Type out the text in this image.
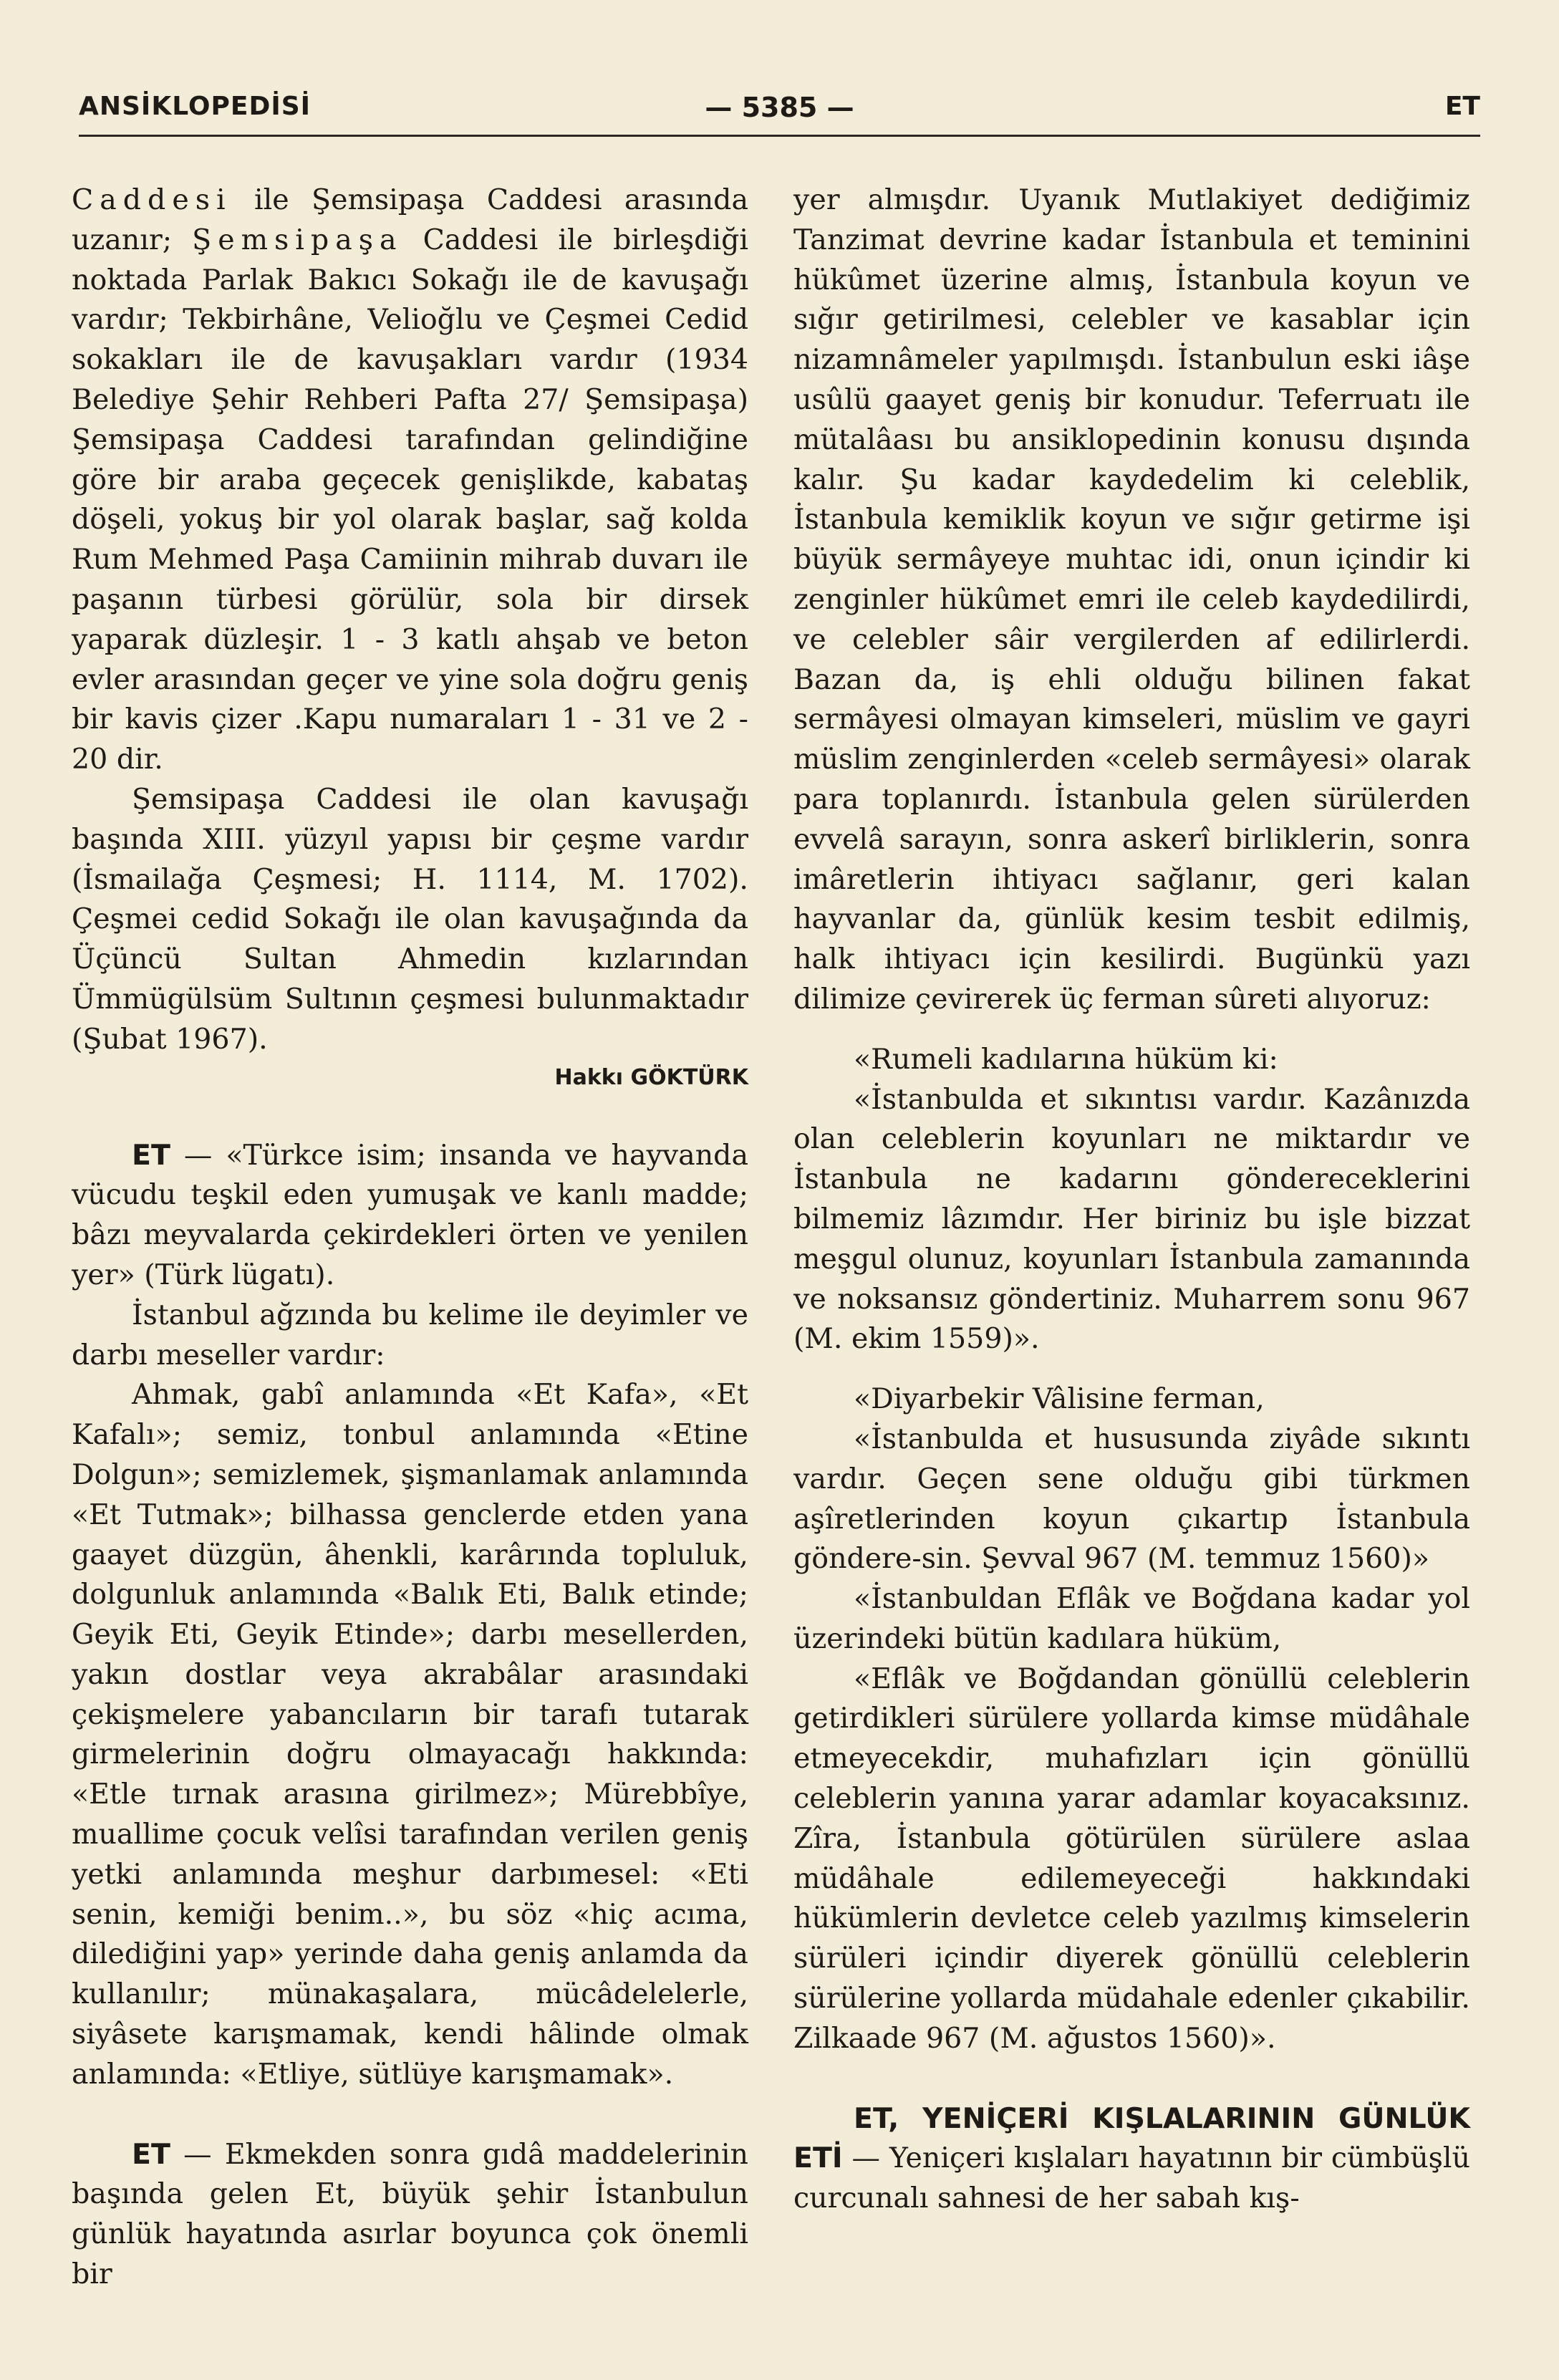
ANSİKLOPEDİSİ	— 5385 —	ET

Caddesi ile Şemsipaşa Caddesi arasında uzanır; Şemsipaşa Caddesi ile birleşdiği noktada Parlak Bakıcı Sokağı ile de kavuşağı vardır; Tekbirhâne, Velioğlu ve Çeşmei Cedid sokakları ile de kavuşakları vardır (1934 Belediye Şehir Rehberi Pafta 27/ Şemsipaşa) Şemsipaşa Caddesi tarafından gelindiğine göre bir araba geçecek genişlikde, kabataş döşeli, yokuş bir yol olarak başlar, sağ kolda Rum Mehmed Paşa Camiinin mihrab duvarı ile paşanın türbesi görülür, sola bir dirsek yaparak düzleşir. 1 - 3 katlı ahşab ve beton evler arasından geçer ve yine sola doğru geniş bir kavis çizer .Kapu numaraları 1 - 31 ve 2 - 20 dir.

Şemsipaşa Caddesi ile olan kavuşağı başında XIII. yüzyıl yapısı bir çeşme vardır (İsmailağa Çeşmesi; H. 1114, M. 1702). Çeşmei cedid Sokağı ile olan kavuşağında da Üçüncü Sultan Ahmedin kızlarından Ümmügülsüm Sultının çeşmesi bulunmaktadır (Şubat 1967).

Hakkı GÖKTÜRK

ET — «Türkce isim; insanda ve hayvanda vücudu teşkil eden yumuşak ve kanlı madde; bâzı meyvalarda çekirdekleri örten ve yenilen yer» (Türk lügatı).

İstanbul ağzında bu kelime ile deyimler ve darbı meseller vardır:

Ahmak, gabî anlamında «Et Kafa», «Et Kafalı»; semiz, tonbul anlamında «Etine Dolgun»; semizlemek, şişmanlamak anlamında «Et Tutmak»; bilhassa genclerde etden yana gaayet düzgün, âhenkli, karârında topluluk, dolgunluk anlamında «Balık Eti, Balık etinde; Geyik Eti, Geyik Etinde»; darbı mesellerden, yakın dostlar veya akrabâlar arasındaki çekişmelere yabancıların bir tarafı tutarak girmelerinin doğru olmayacağı hakkında: «Etle tırnak arasına girilmez»; Mürebbîye, muallime çocuk velîsi tarafından verilen geniş yetki anlamında meşhur darbımesel: «Eti senin, kemiği benim..», bu söz «hiç acıma, dilediğini yap» yerinde daha geniş anlamda da kullanılır; münakaşalara, mücâdelelerle, siyâsete karışmamak, kendi hâlinde olmak anlamında: «Etliye, sütlüye karışmamak».

ET — Ekmekden sonra gıdâ maddelerinin başında gelen Et, büyük şehir İstanbulun günlük hayatında asırlar boyunca çok önemli bir

yer almışdır. Uyanık Mutlakiyet dediğimiz Tanzimat devrine kadar İstanbula et teminini hükûmet üzerine almış, İstanbula koyun ve sığır getirilmesi, celebler ve kasablar için nizamnâmeler yapılmışdı. İstanbulun eski iâşe usûlü gaayet geniş bir konudur. Teferruatı ile mütalâası bu ansiklopedinin konusu dışında kalır. Şu kadar kaydedelim ki celeblik, İstanbula kemiklik koyun ve sığır getirme işi büyük sermâyeye muhtac idi, onun içindir ki zenginler hükûmet emri ile celeb kaydedilirdi, ve celebler sâir vergilerden af edilirlerdi. Bazan da, iş ehli olduğu bilinen fakat sermâyesi olmayan kimseleri, müslim ve gayri müslim zenginlerden «celeb sermâyesi» olarak para toplanırdı. İstanbula gelen sürülerden evvelâ sarayın, sonra askerî birliklerin, sonra imâretlerin ihtiyacı sağlanır, geri kalan hayvanlar da, günlük kesim tesbit edilmiş, halk ihtiyacı için kesilirdi. Bugünkü yazı dilimize çevirerek üç ferman sûreti alıyoruz:

«Rumeli kadılarına hüküm ki:

«İstanbulda et sıkıntısı vardır. Kazânızda olan celeblerin koyunları ne miktardır ve İstanbula ne kadarını göndereceklerini bilmemiz lâzımdır. Her biriniz bu işle bizzat meşgul olunuz, koyunları İstanbula zamanında ve noksansız göndertiniz. Muharrem sonu 967 (M. ekim 1559)».

«Diyarbekir Vâlisine ferman,

«İstanbulda et hususunda ziyâde sıkıntı vardır. Geçen sene olduğu gibi türkmen aşîretlerinden koyun çıkartıp İstanbula göndere-sin. Şevval 967 (M. temmuz 1560)»

«İstanbuldan Eflâk ve Boğdana kadar yol üzerindeki bütün kadılara hüküm,

«Eflâk ve Boğdandan gönüllü celeblerin getirdikleri sürülere yollarda kimse müdâhale etmeyecekdir, muhafızları için gönüllü celeblerin yanına yarar adamlar koyacaksınız. Zîra, İstanbula götürülen sürülere aslaa müdâhale edilemeyeceği hakkındaki hükümlerin devletce celeb yazılmış kimselerin sürüleri içindir diyerek gönüllü celeblerin sürülerine yollarda müdahale edenler çıkabilir. Zilkaade 967 (M. ağustos 1560)».

ET, YENİÇERİ KIŞLALARININ GÜNLÜK ETİ — Yeniçeri kışlaları hayatının bir cümbüşlü curcunalı sahnesi de her sabah kış-
